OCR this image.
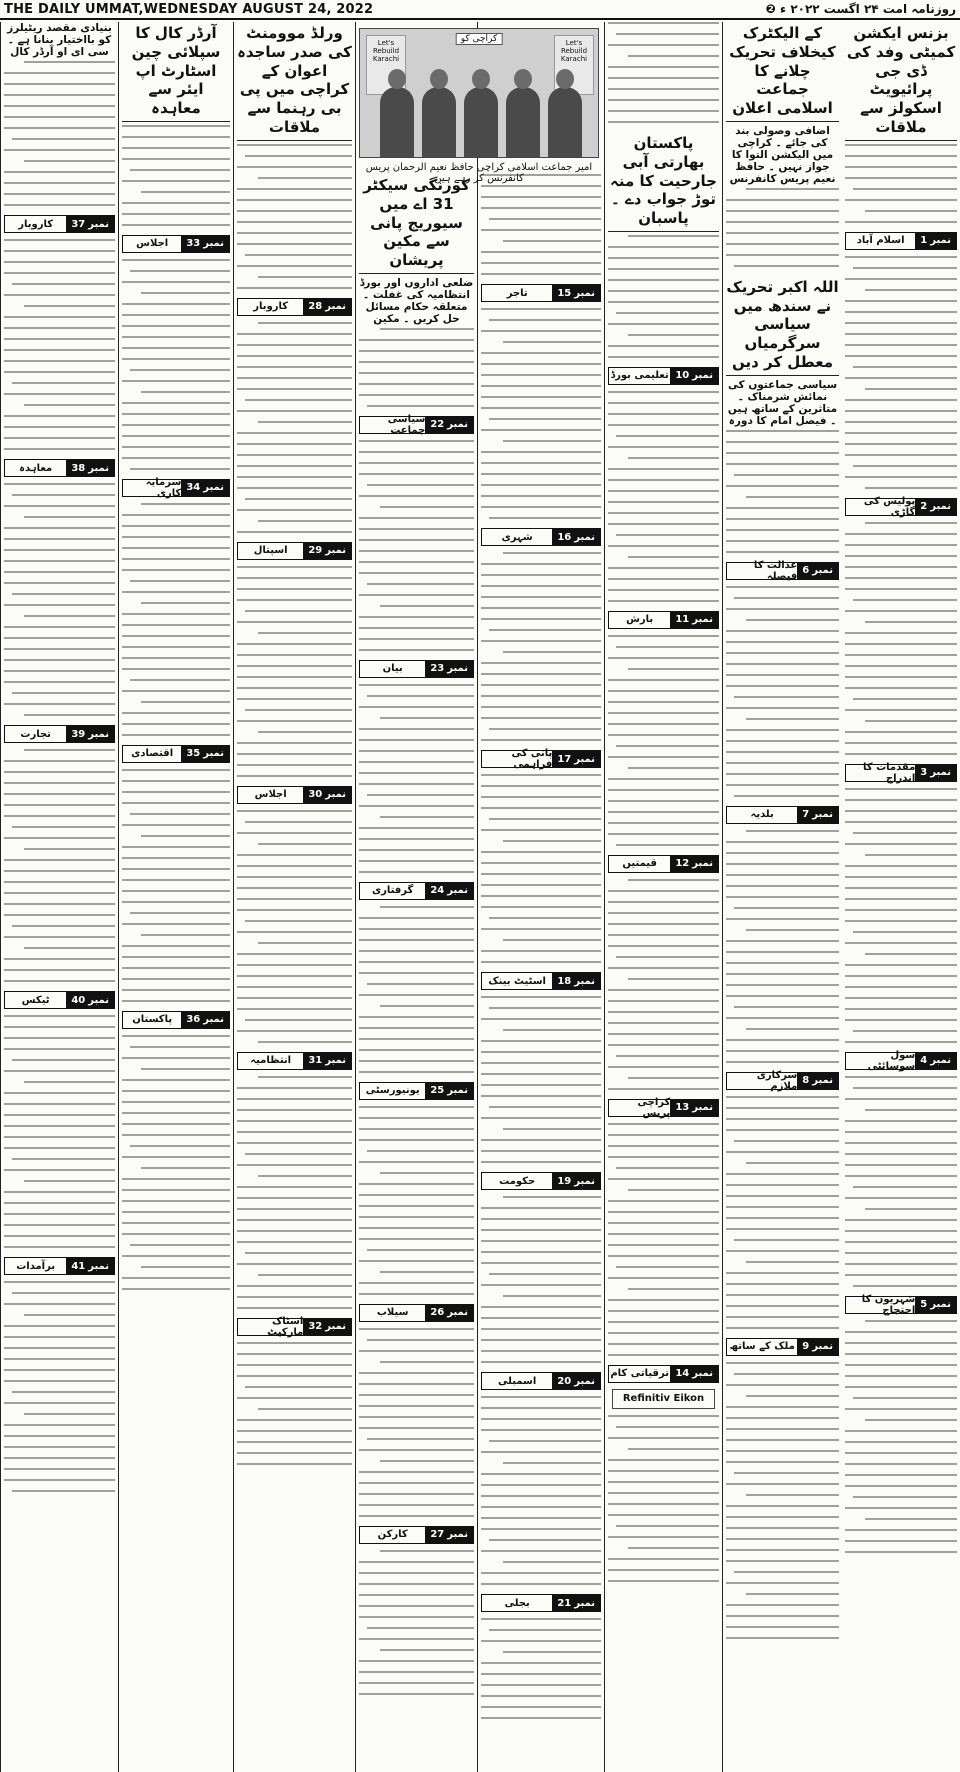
THE DAILY UMMAT,WEDNESDAY AUGUST 24, 2022	روزنامہ امت ۲۴ اگست ۲۰۲۲ ء ❷
بزنس ایکشن کمیٹی وفد کی ڈی جی پرائیویٹ اسکولز سے ملاقات
نمبر
1
اسلام آباد
نمبر
2
پولیس کی گاڑی
نمبر
3
مقدمات کا اندراج
نمبر
4
سول سوسائٹی
نمبر
5
شہریوں کا احتجاج
کے الیکٹرک کیخلاف تحریک چلانے کا جماعت اسلامی اعلان
اضافی وصولی بند کی جائے ۔ کراچی میں الیکشن التوا کا جواز نہیں ۔ حافظ نعیم پریس کانفرنس
اللہ اکبر تحریک نے سندھ میں سیاسی سرگرمیاں معطل کر دیں
سیاسی جماعتوں کی نمائش شرمناک ۔ متاثرین کے ساتھ ہیں ۔ فیصل امام کا دورہ
نمبر
6
عدالت کا فیصلہ
نمبر
7
بلدیہ
نمبر
8
سرکاری ملازم
نمبر
9
ملک کے ساتھ
پاکستان بھارتی آبی جارحیت کا منہ توڑ جواب دے ۔ پاسبان
نمبر
10
تعلیمی بورڈ
نمبر
11
بارش
نمبر
12
قیمتیں
نمبر
13
کراچی پریس
نمبر
14
ترقیاتی کام
Refinitiv Eikon
نمبر
15
تاجر
نمبر
16
شہری
نمبر
17
پانی کی فراہمی
نمبر
18
اسٹیٹ بینک
نمبر
19
حکومت
نمبر
20
اسمبلی
نمبر
21
بجلی
کورنگی سیکٹر 31 اے میں سیوریج پانی سے مکین پریشان
ضلعی اداروں اور بورڈ انتظامیہ کی غفلت ۔ متعلقہ حکام مسائل حل کریں ۔ مکین
نمبر
22
سیاسی جماعت
نمبر
23
بیان
نمبر
24
گرفتاری
نمبر
25
یونیورسٹی
نمبر
26
سیلاب
نمبر
27
کارکن
ورلڈ موومنٹ کی صدر ساجدہ اعوان کے کراچی میں پی بی رہنما سے ملاقات
نمبر
28
کاروبار
نمبر
29
اسپتال
نمبر
30
اجلاس
نمبر
31
انتظامیہ
نمبر
32
اسٹاک مارکیٹ
آرڈر کال کا سپلائی چین اسٹارٹ اپ ایئر سے معاہدہ
نمبر
33
اجلاس
نمبر
34
سرمایہ کاری
نمبر
35
اقتصادی
نمبر
36
پاکستان
بنیادی مقصد ریٹیلرز کو بااختیار بنانا ہے ۔ سی ای او آرڈر کال
نمبر
37
کاروبار
نمبر
38
معاہدہ
نمبر
39
تجارت
نمبر
40
ٹیکس
نمبر
41
برآمدات
کراچی کو
Let's Rebuild Karachi
Let's Rebuild Karachi
امیر جماعت اسلامی کراچی حافظ نعیم الرحمان پریس کانفرنس کر رہے ہیں
